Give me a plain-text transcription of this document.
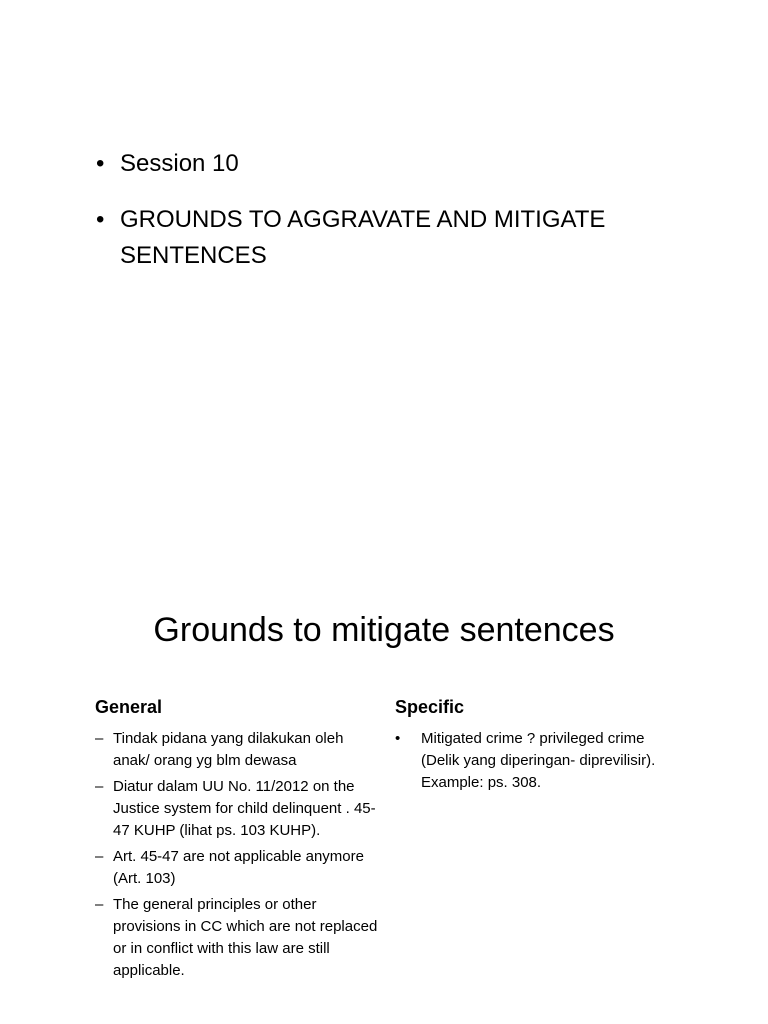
• Session 10
• GROUNDS TO AGGRAVATE AND MITIGATE SENTENCES
Grounds to mitigate sentences
General
– Tindak pidana yang dilakukan oleh anak/ orang yg blm dewasa
– Diatur dalam UU No. 11/2012 on the Justice system for child delinquent . 45-47 KUHP (lihat ps. 103 KUHP).
– Art. 45-47 are not applicable anymore (Art. 103)
– The general principles or other provisions in CC which are not replaced or in conflict with this law are still applicable.
Specific
• Mitigated crime ? privileged crime (Delik yang diperingan- diprevilisir). Example: ps. 308.
